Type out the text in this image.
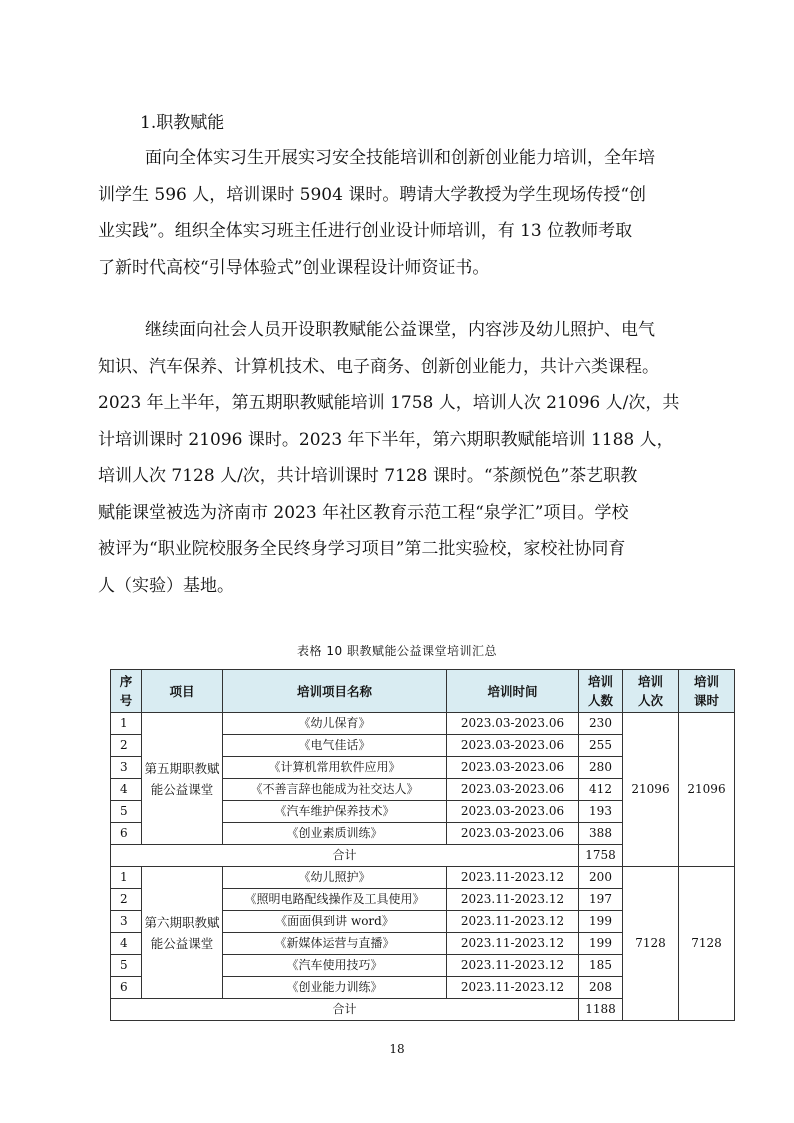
1.职教赋能

面向全体实习生开展实习安全技能培训和创新创业能力培训，全年培
训学生 596 人，培训课时 5904 课时。聘请大学教授为学生现场传授“创
业实践”。组织全体实习班主任进行创业设计师培训，有 13 位教师考取
了新时代高校“引导体验式”创业课程设计师资证书。

继续面向社会人员开设职教赋能公益课堂，内容涉及幼儿照护、电气
知识、汽车保养、计算机技术、电子商务、创新创业能力，共计六类课程。
2023 年上半年，第五期职教赋能培训 1758 人，培训人次 21096 人/次，共
计培训课时 21096 课时。2023 年下半年，第六期职教赋能培训 1188 人，
培训人次 7128 人/次，共计培训课时 7128 课时。“茶颜悦色”茶艺职教
赋能课堂被选为济南市 2023 年社区教育示范工程“泉学汇”项目。学校
被评为“职业院校服务全民终身学习项目”第二批实验校，家校社协同育
人（实验）基地。

表格 10 职教赋能公益课堂培训汇总
序号	项目	培训项目名称	培训时间	培训人数	培训人次	培训课时
1	第五期职教赋能公益课堂	《幼儿保育》	2023.03-2023.06	230	21096	21096
2		《电气佳话》	2023.03-2023.06	255		
3		《计算机常用软件应用》	2023.03-2023.06	280		
4		《不善言辞也能成为社交达人》	2023.03-2023.06	412		
5		《汽车维护保养技术》	2023.03-2023.06	193		
6		《创业素质训练》	2023.03-2023.06	388		
合计				1758		
1	第六期职教赋能公益课堂	《幼儿照护》	2023.11-2023.12	200	7128	7128
2		《照明电路配线操作及工具使用》	2023.11-2023.12	197		
3		《面面俱到讲 word》	2023.11-2023.12	199		
4		《新媒体运营与直播》	2023.11-2023.12	199		
5		《汽车使用技巧》	2023.11-2023.12	185		
6		《创业能力训练》	2023.11-2023.12	208		
合计				1188		
18
